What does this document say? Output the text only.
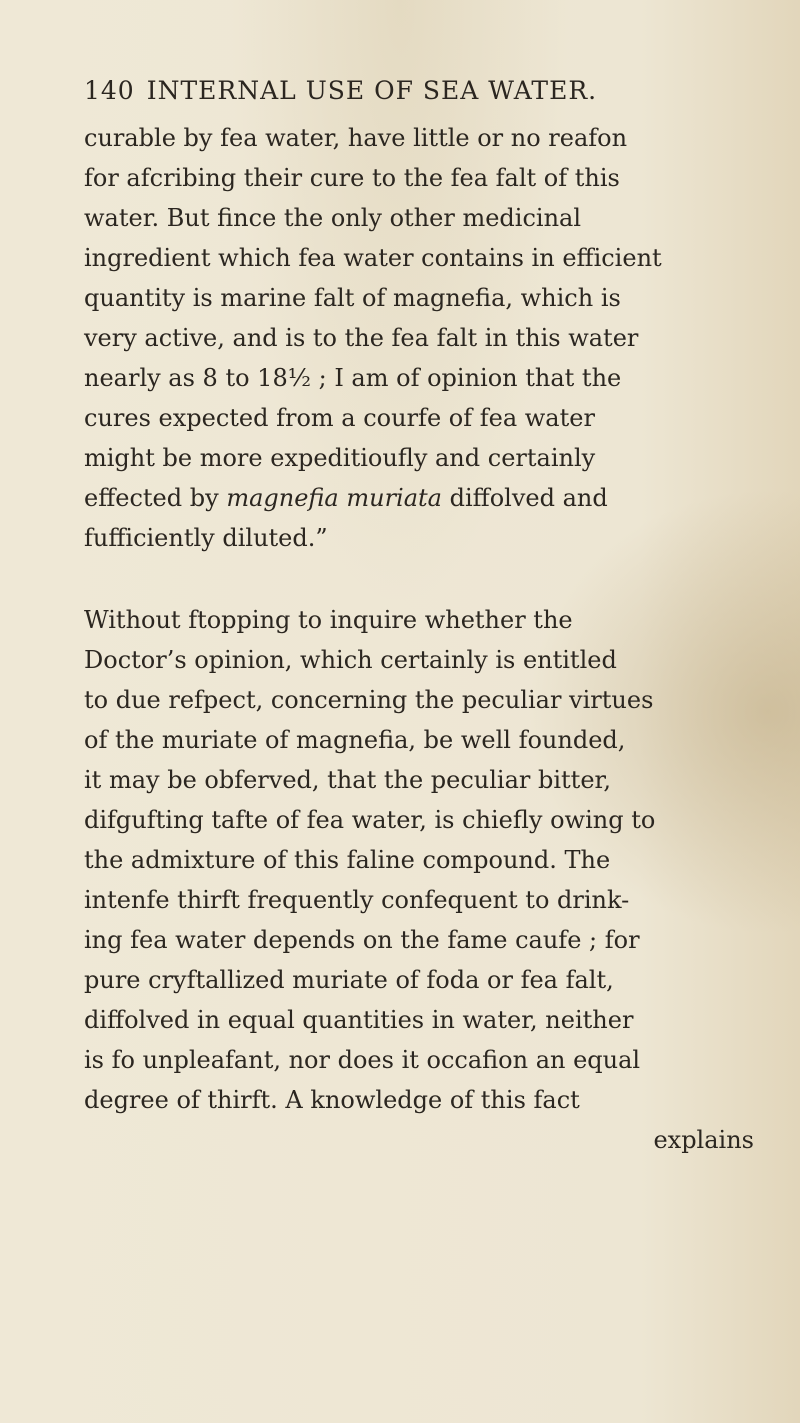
140 INTERNAL USE OF SEA WATER.
curable by fea water, have little or no reafon
for afcribing their cure to the fea falt of this
water. But fince the only other medicinal
ingredient which fea water contains in efficient
quantity is marine falt of magnefia, which is
very active, and is to the fea falt in this water
nearly as 8 to 18½ ; I am of opinion that the
cures expected from a courfe of fea water
might be more expeditioufly and certainly
effected by magnefia muriata diffolved and
fufficiently diluted.”
Without ftopping to inquire whether the
Doctor’s opinion, which certainly is entitled
to due refpect, concerning the peculiar virtues
of the muriate of magnefia, be well founded,
it may be obferved, that the peculiar bitter,
difgufting tafte of fea water, is chiefly owing to
the admixture of this faline compound. The
intenfe thirft frequently confequent to drink-
ing fea water depends on the fame caufe ; for
pure cryftallized muriate of foda or fea falt,
diffolved in equal quantities in water, neither
is fo unpleafant, nor does it occafion an equal
degree of thirft. A knowledge of this fact
explains
